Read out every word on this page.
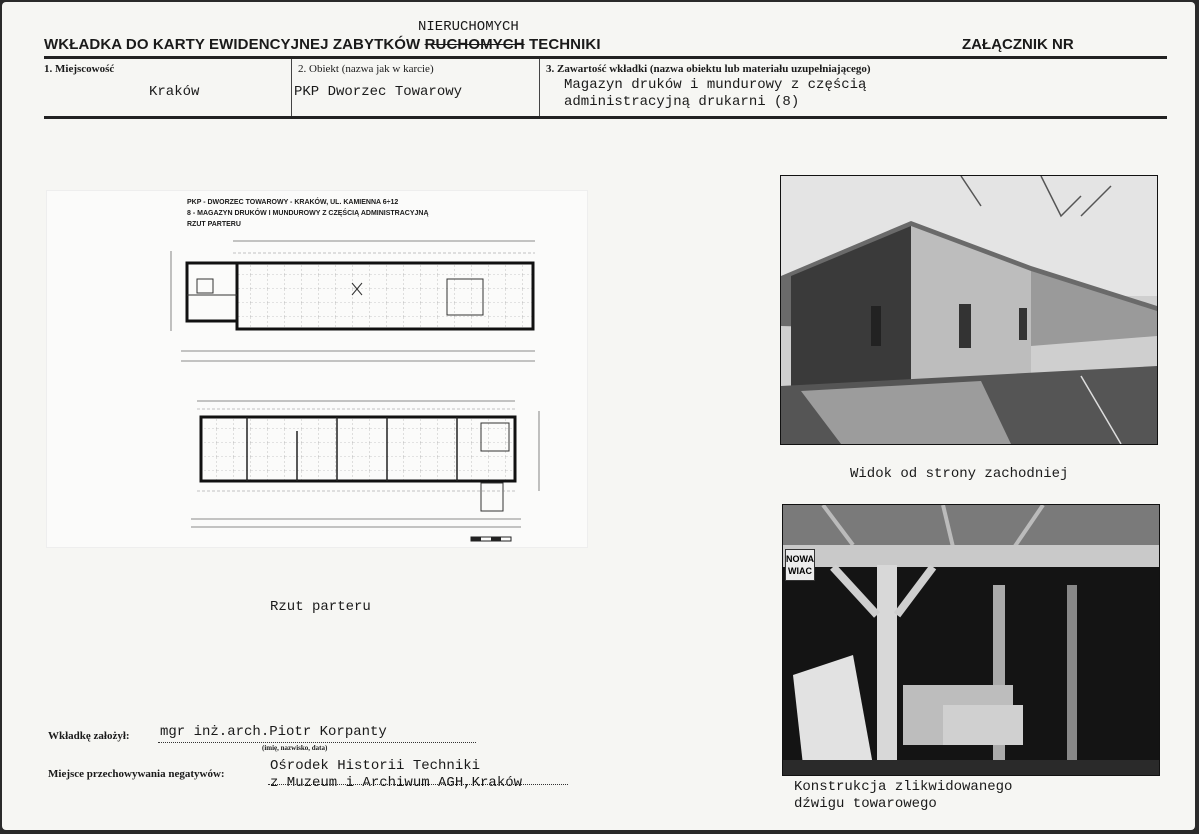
NIERUCHOMYCH
WKŁADKA DO KARTY EWIDENCYJNEJ ZABYTKÓW RUCHOMYCH TECHNIKI	ZAŁĄCZNIK NR
1. Miejscowość
Kraków
2. Obiekt (nazwa jak w karcie)
PKP Dworzec Towarowy
3. Zawartość wkładki (nazwa obiektu lub materiału uzupełniającego)
Magazyn druków i mundurowy z częścią
administracyjną drukarni (8)
PKP - DWORZEC TOWAROWY - KRAKÓW, UL. KAMIENNA 6÷12
8 - MAGAZYN DRUKÓW I MUNDUROWY Z CZĘŚCIĄ ADMINISTRACYJNĄ
RZUT PARTERU
Rzut parteru
Widok od strony zachodniej
NOWA
WIAC
Konstrukcja zlikwidowanego
dźwigu towarowego
Wkładkę założył: mgr inż.arch.Piotr Korpanty
(imię, nazwisko, data)
Miejsce przechowywania negatywów:	Ośrodek Historii Techniki
z Muzeum i Archiwum AGH,Kraków
